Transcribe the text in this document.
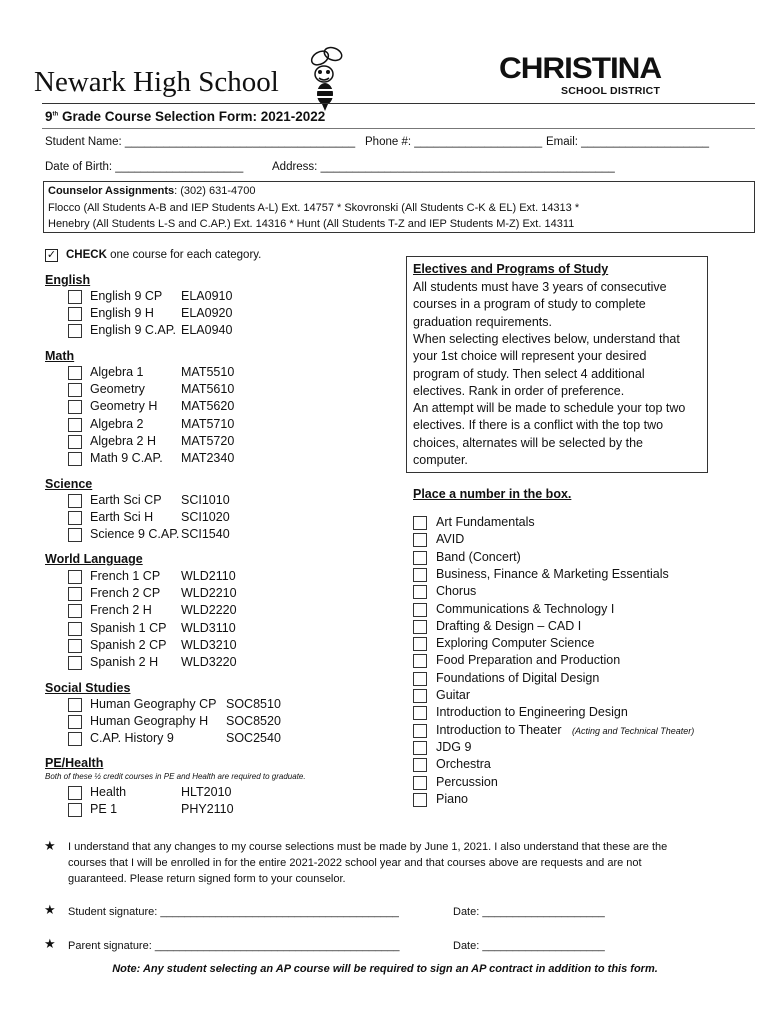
Newark High School	CHRISTINA
SCHOOL DISTRICT
9th Grade Course Selection Form: 2021-2022
Student Name: ____________________________________ Phone #: ____________________ Email: ____________________
Date of Birth: ____________________	Address: ______________________________________________
Counselor Assignments: (302) 631-4700
Flocco (All Students A-B and IEP Students A-L) Ext. 14757 * Skovronski (All Students C-K & EL) Ext. 14313 *
Henebry (All Students L-S and C.AP.) Ext. 14316 * Hunt (All Students T-Z and IEP Students M-Z) Ext. 14311
✓ CHECK one course for each category.
English
English 9 CP ELA0910
English 9 H ELA0920
English 9 C.AP. ELA0940
Math
Algebra 1	MAT5510
Geometry	MAT5610
Geometry H MAT5620
Algebra 2	MAT5710
Algebra 2 H MAT5720
Math 9 C.AP. MAT2340
Science
Earth Sci CP SCI1010
Earth Sci H SCI1020
Science 9 C.AP. SCI1540
World Language
French 1 CP WLD2110
French 2 CP WLD2210
French 2 H WLD2220
Spanish 1 CP WLD3110
Spanish 2 CP WLD3210
Spanish 2 H WLD3220
Social Studies
Human Geography CP SOC8510
Human Geography H SOC8520
C.AP. History 9	SOC2540
PE/Health
Both of these ½ credit courses in PE and Health are required to graduate.
Health	HLT2010
PE 1	PHY2110
Electives and Programs of Study
All students must have 3 years of consecutive
courses in a program of study to complete
graduation requirements.
When selecting electives below, understand that
your 1st choice will represent your desired
program of study. Then select 4 additional
electives. Rank in order of preference.
An attempt will be made to schedule your top two
electives. If there is a conflict with the top two
choices, alternates will be selected by the
computer.
Place a number in the box.
Art Fundamentals
AVID
Band (Concert)
Business, Finance & Marketing Essentials
Chorus
Communications & Technology I
Drafting & Design – CAD I
Exploring Computer Science
Food Preparation and Production
Foundations of Digital Design
Guitar
Introduction to Engineering Design
Introduction to Theater (Acting and Technical Theater)
JDG 9
Orchestra
Percussion
Piano
★ I understand that any changes to my course selections must be made by June 1, 2021. I also understand that these are the
courses that I will be enrolled in for the entire 2021-2022 school year and that courses above are requests and are not
guaranteed. Please return signed form to your counselor.
★ Student signature: _______________________________________	Date: ____________________
★ Parent signature: ________________________________________	Date: ____________________
Note: Any student selecting an AP course will be required to sign an AP contract in addition to this form.
